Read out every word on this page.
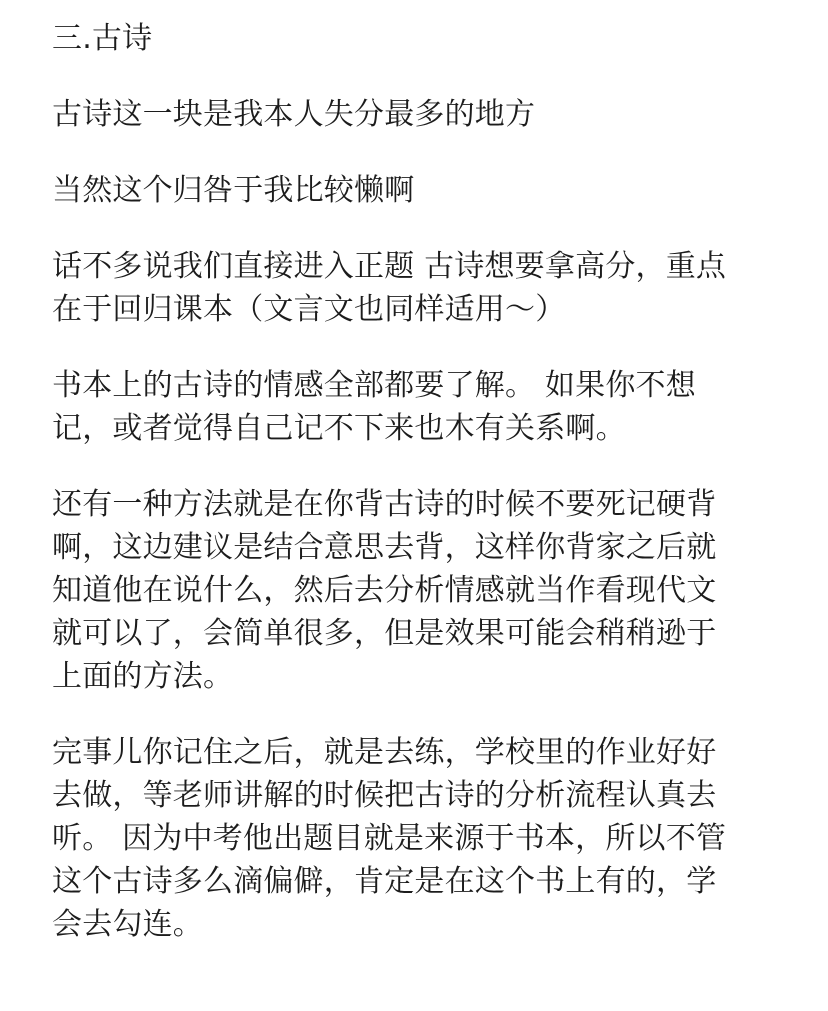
三.古诗

古诗这一块是我本人失分最多的地方

当然这个归咎于我比较懒啊

话不多说我们直接进入正题 古诗想要拿高分，重点
在于回归课本（文言文也同样适用～）

书本上的古诗的情感全部都要了解。 如果你不想
记，或者觉得自己记不下来也木有关系啊。

还有一种方法就是在你背古诗的时候不要死记硬背
啊，这边建议是结合意思去背，这样你背家之后就
知道他在说什么，然后去分析情感就当作看现代文
就可以了，会简单很多，但是效果可能会稍稍逊于
上面的方法。

完事儿你记住之后，就是去练，学校里的作业好好
去做，等老师讲解的时候把古诗的分析流程认真去
听。 因为中考他出题目就是来源于书本，所以不管
这个古诗多么滴偏僻，肯定是在这个书上有的，学
会去勾连。
